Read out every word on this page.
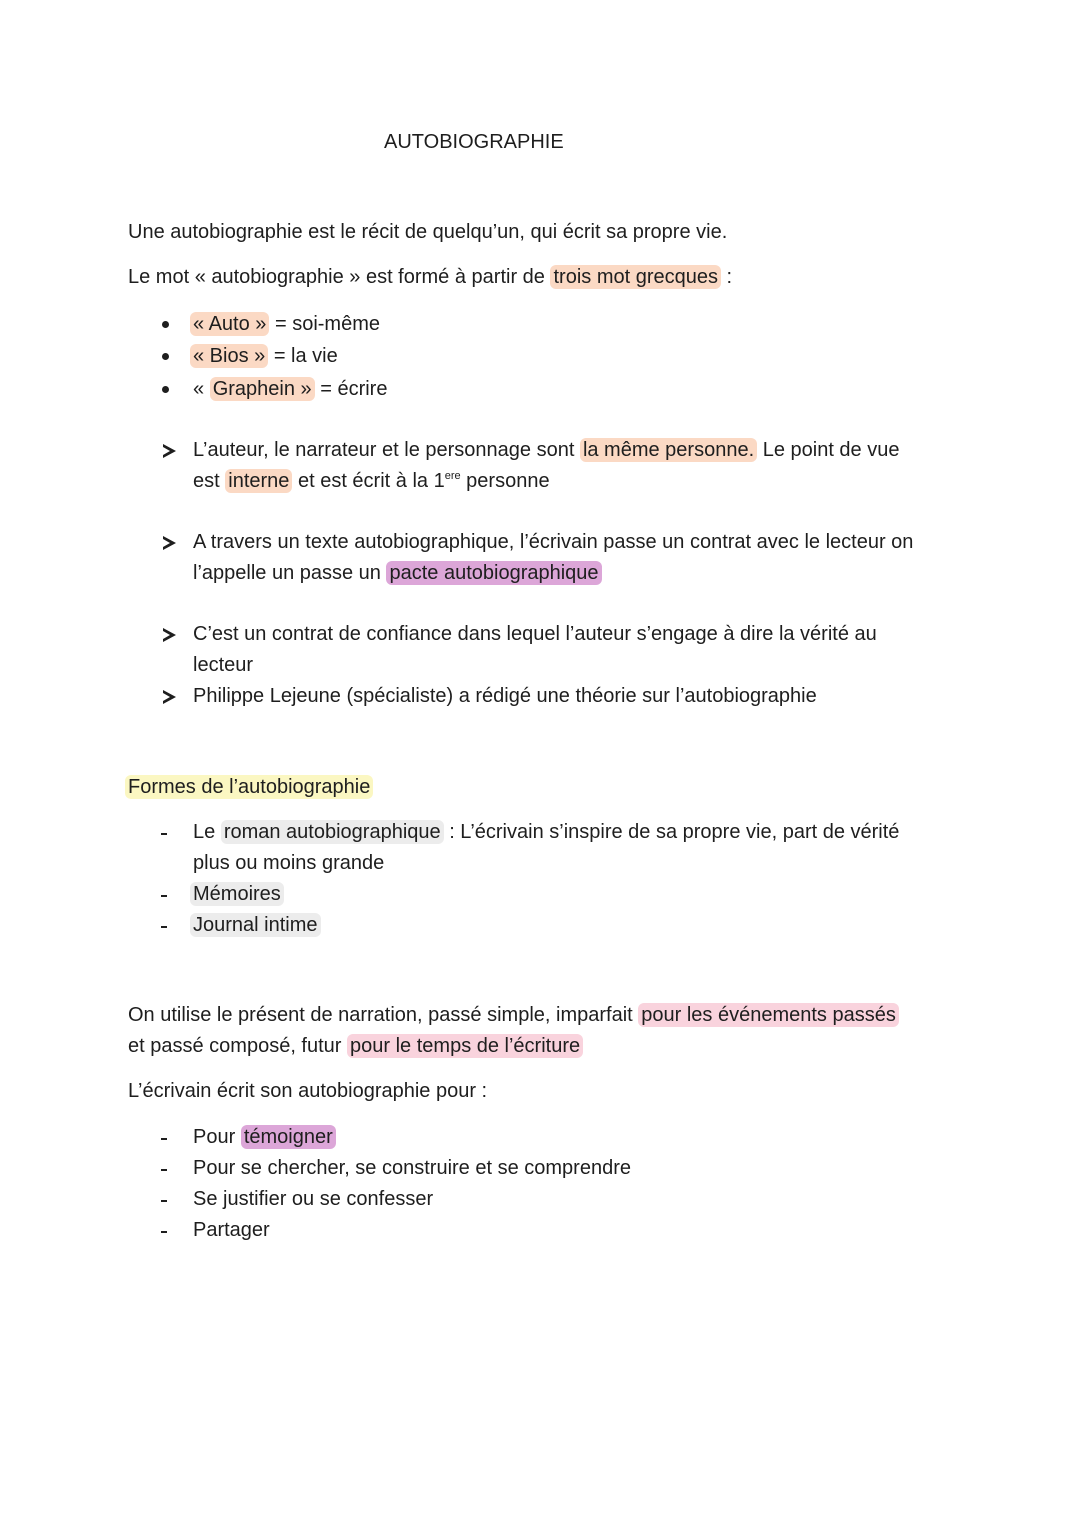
AUTOBIOGRAPHIE
Une autobiographie est le récit de quelqu’un, qui écrit sa propre vie.
Le mot « autobiographie » est formé à partir de trois mot grecques :
« Auto » = soi-même
« Bios » = la vie
« Graphein » = écrire
L’auteur, le narrateur et le personnage sont la même personne. Le point de vue
est interne et est écrit à la 1ere personne
A travers un texte autobiographique, l’écrivain passe un contrat avec le lecteur on
l’appelle un passe un pacte autobiographique
C’est un contrat de confiance dans lequel l’auteur s’engage à dire la vérité au
lecteur
Philippe Lejeune (spécialiste) a rédigé une théorie sur l’autobiographie
Formes de l’autobiographie
Le roman autobiographique : L’écrivain s’inspire de sa propre vie, part de vérité
plus ou moins grande
Mémoires
Journal intime
On utilise le présent de narration, passé simple, imparfait pour les événements passés
et passé composé, futur pour le temps de l’écriture
L’écrivain écrit son autobiographie pour :
Pour témoigner
Pour se chercher, se construire et se comprendre
Se justifier ou se confesser
Partager
